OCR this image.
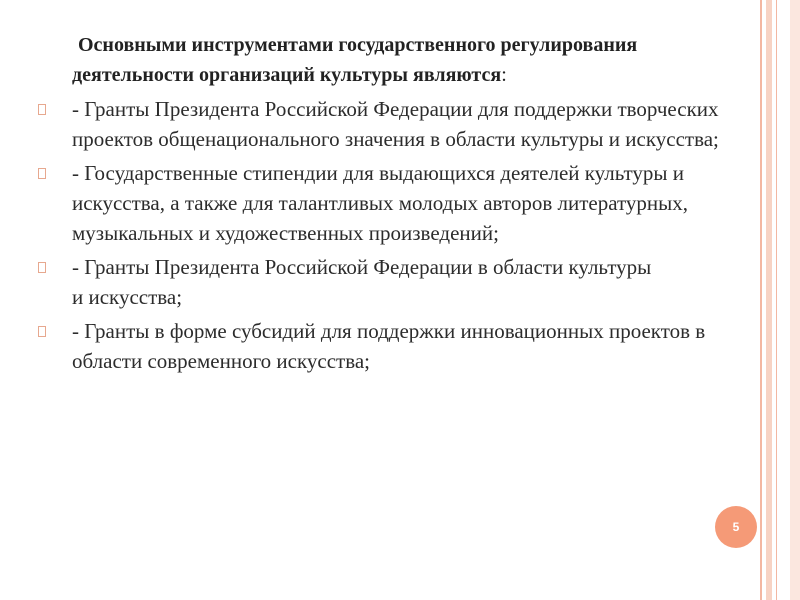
Основными инструментами государственного регулирования деятельности организаций культуры являются:

- Гранты Президента Российской Федерации для поддержки творческих проектов общенационального значения в области культуры и искусства;
- Государственные стипендии для выдающихся деятелей культуры и искусства, а также для талантливых молодых авторов литературных, музыкальных и художественных произведений;
- Гранты Президента Российской Федерации в области культуры
и искусства;
- Гранты в форме субсидий для поддержки инновационных проектов в области современного искусства;
5
